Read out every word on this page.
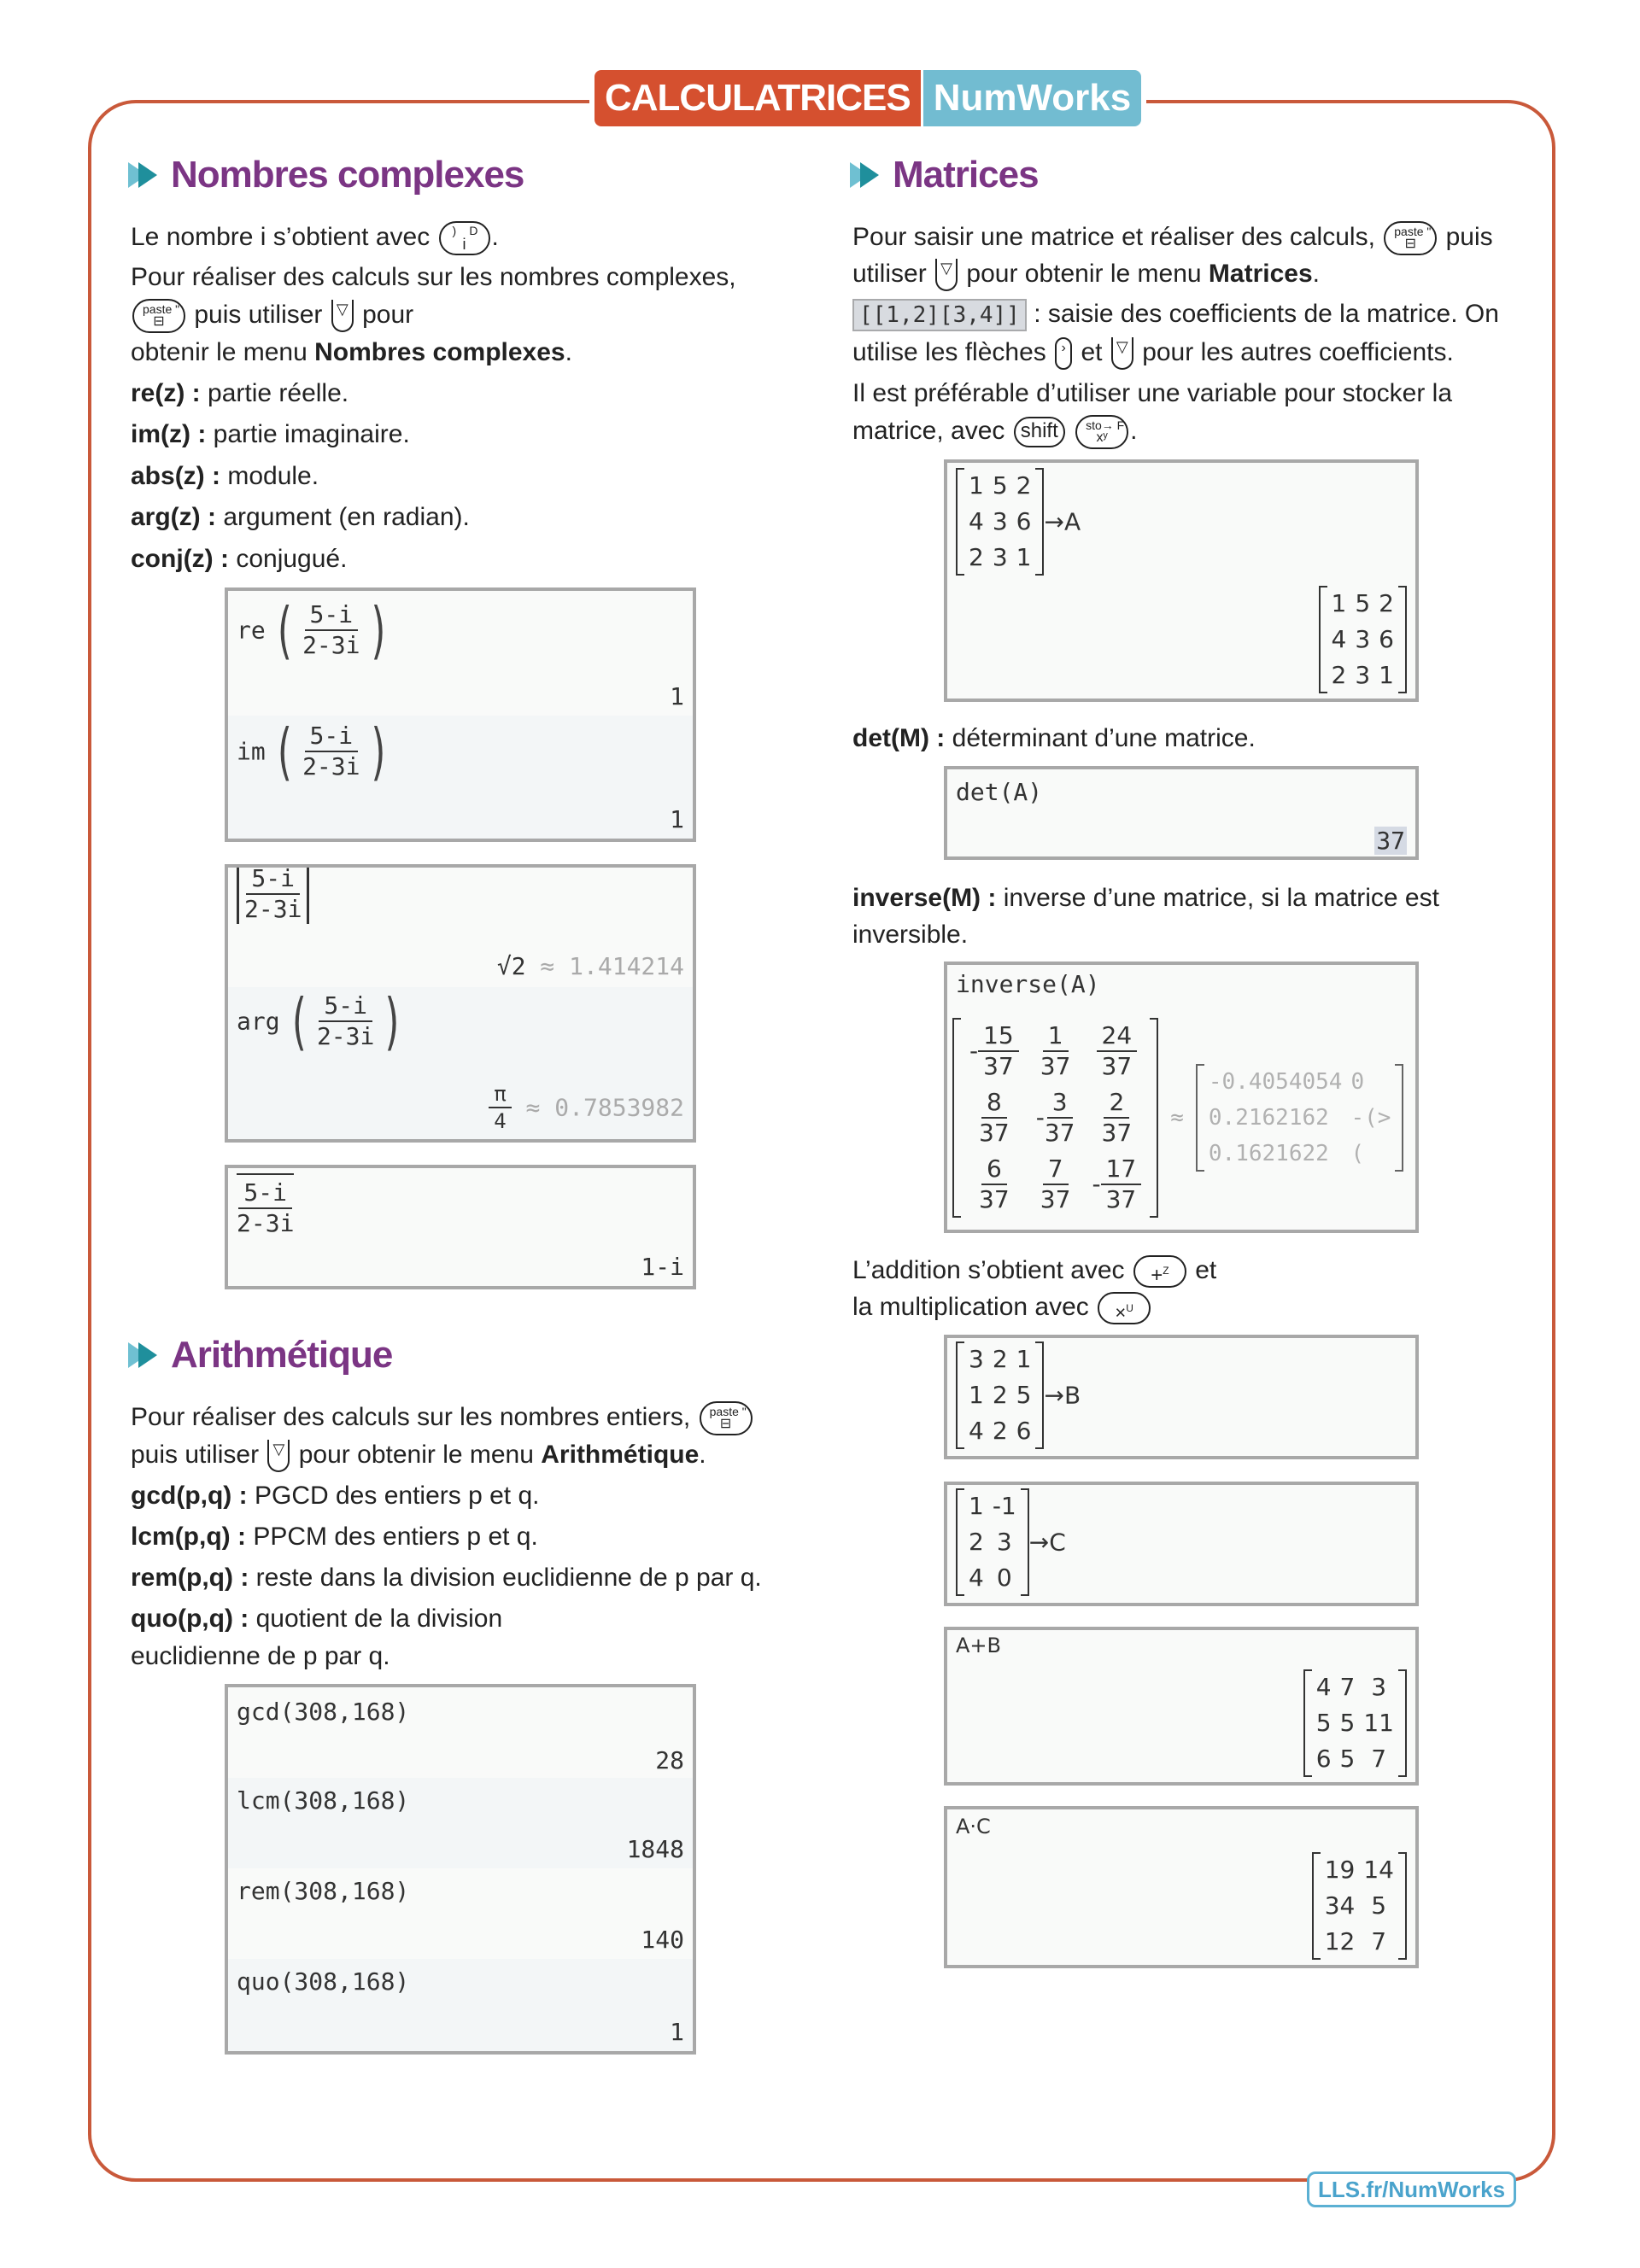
CALCULATRICES NumWorks
Nombres complexes
Le nombre i s’obtient avec ) D
i .
Pour réaliser des calculs sur les nombres complexes,
paste "
⊟ puis utiliser ▽ pour
obtenir le menu Nombres complexes.
re(z) : partie réelle.
im(z) : partie imaginaire.
abs(z) : module.
arg(z) : argument (en radian).
conj(z) : conjugué.
re ( $\frac{5-i}{2-3i}$ )
1
im ( $\frac{5-i}{2-3i}$ )
1
$\frac{5-i}{2-3i}$
√2 ≈ 1.414214
arg ( $\frac{5-i}{2-3i}$ )
$\frac{\pi}{4} \approx 0.7853982$
$\frac{5-i}{2-3i}$
1-i
Arithmétique
Pour réaliser des calculs sur les nombres entiers, paste "
⊟
puis utiliser ▽ pour obtenir le menu Arithmétique.
gcd(p,q) : PGCD des entiers p et q.
lcm(p,q) : PPCM des entiers p et q.
rem(p,q) : reste dans la division euclidienne de p par q.
quo(p,q) : quotient de la division
euclidienne de p par q.
gcd(308,168)
28
lcm(308,168)
1848
rem(308,168)
140
quo(308,168)
1
Matrices
Pour saisir une matrice et réaliser des calculs, paste "
⊟ puis
utiliser ▽ pour obtenir le menu Matrices.
[[1,2][3,4]] : saisie des coefficients de la matrice. On
utilise les flèches › et ▽ pour les autres coefficients.
Il est préférable d’utiliser une variable pour stocker la
matrice, avec shift sto→ F
xʸ .
1	5	2
4	3	6
2	3	1
→A
1	5	2
4	3	6
2	3	1
det(M) : déterminant d’une matrice.
det(A)
37
inverse(M) : inverse d’une matrice, si la matrice est
inversible.
inverse(A)
- $\frac{15}{37}$	$\frac{1}{37}$	$\frac{24}{37}$

$\frac{8}{37}$	- $\frac{3}{37}$	$\frac{2}{37}$

$\frac{6}{37}$	$\frac{7}{37}$	- $\frac{17}{37}$
≈
-0.4054054	0
0.2162162	-(>
0.1621622	(
L’addition s’obtient avec +$^Z$ et
la multiplication avec ×$^U$
3	2	1
1	2	5
4	2	6
→B
1	-1
2	3
4	0
→C
A+B
4	7	3
5	5	11
6	5	7
A·C
19	14
34	5
12	7
LLS.fr/NumWorks
